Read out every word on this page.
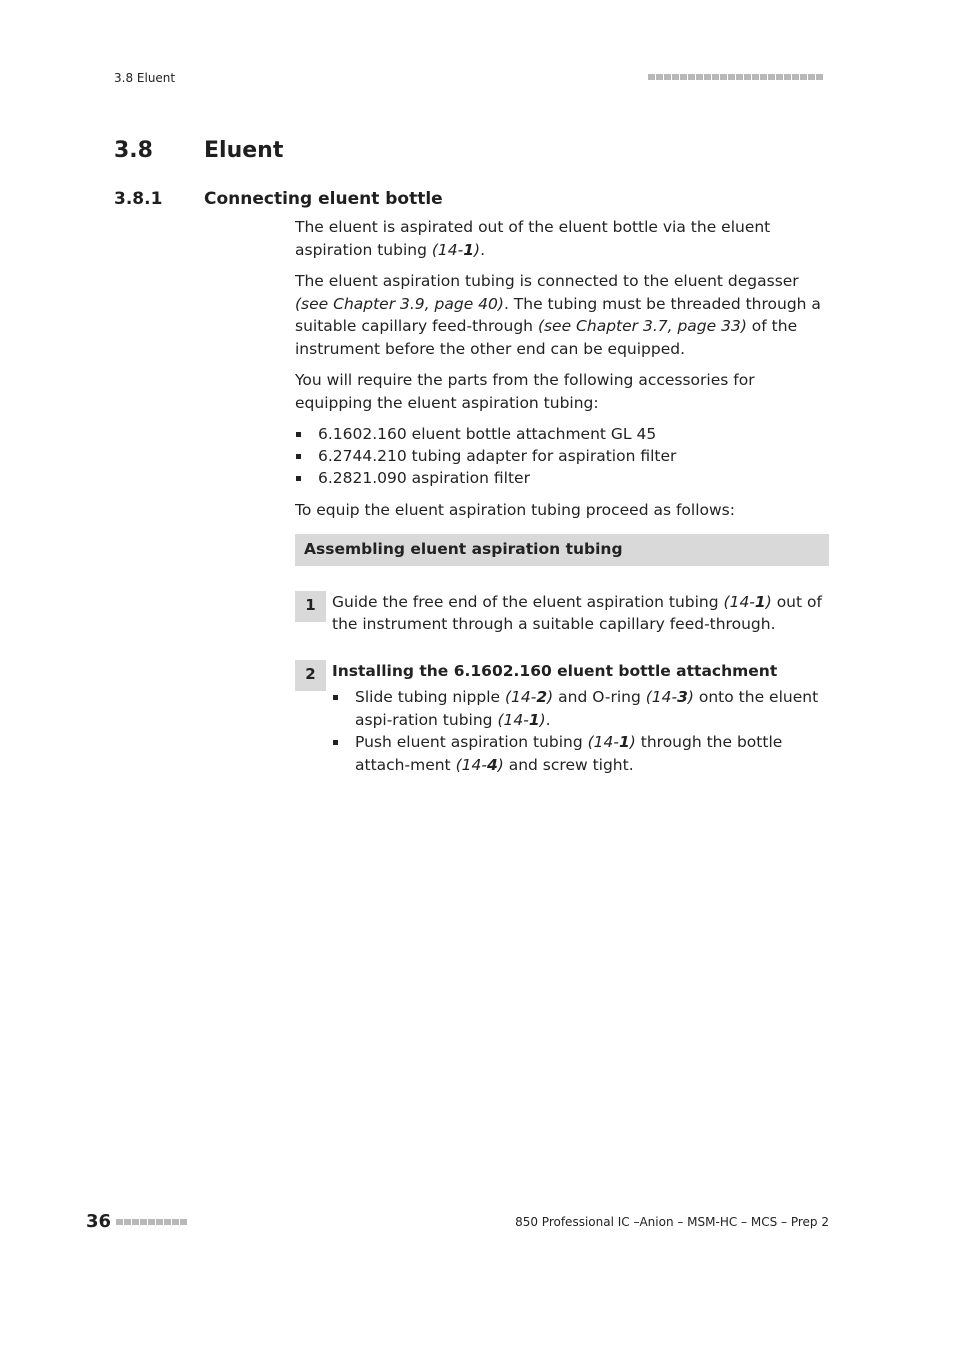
3.8 Eluent
3.8 Eluent
3.8.1 Connecting eluent bottle

The eluent is aspirated out of the eluent bottle via the eluent aspiration tubing (14-1).

The eluent aspiration tubing is connected to the eluent degasser (see Chapter 3.9, page 40). The tubing must be threaded through a suitable capillary feed-through (see Chapter 3.7, page 33) of the instrument before the other end can be equipped.

You will require the parts from the following accessories for equipping the eluent aspiration tubing:

6.1602.160 eluent bottle attachment GL 45
6.2744.210 tubing adapter for aspiration filter
6.2821.090 aspiration filter

To equip the eluent aspiration tubing proceed as follows:

Assembling eluent aspiration tubing
1	Guide the free end of the eluent aspiration tubing (14-1) out of the instrument through a suitable capillary feed-through.
2	Installing the 6.1602.160 eluent bottle attachment
Slide tubing nipple (14-2) and O-ring (14-3) onto the eluent aspi-ration tubing (14-1).
Push eluent aspiration tubing (14-1) through the bottle attach-ment (14-4) and screw tight.
36	850 Professional IC –Anion – MSM-HC – MCS – Prep 2
